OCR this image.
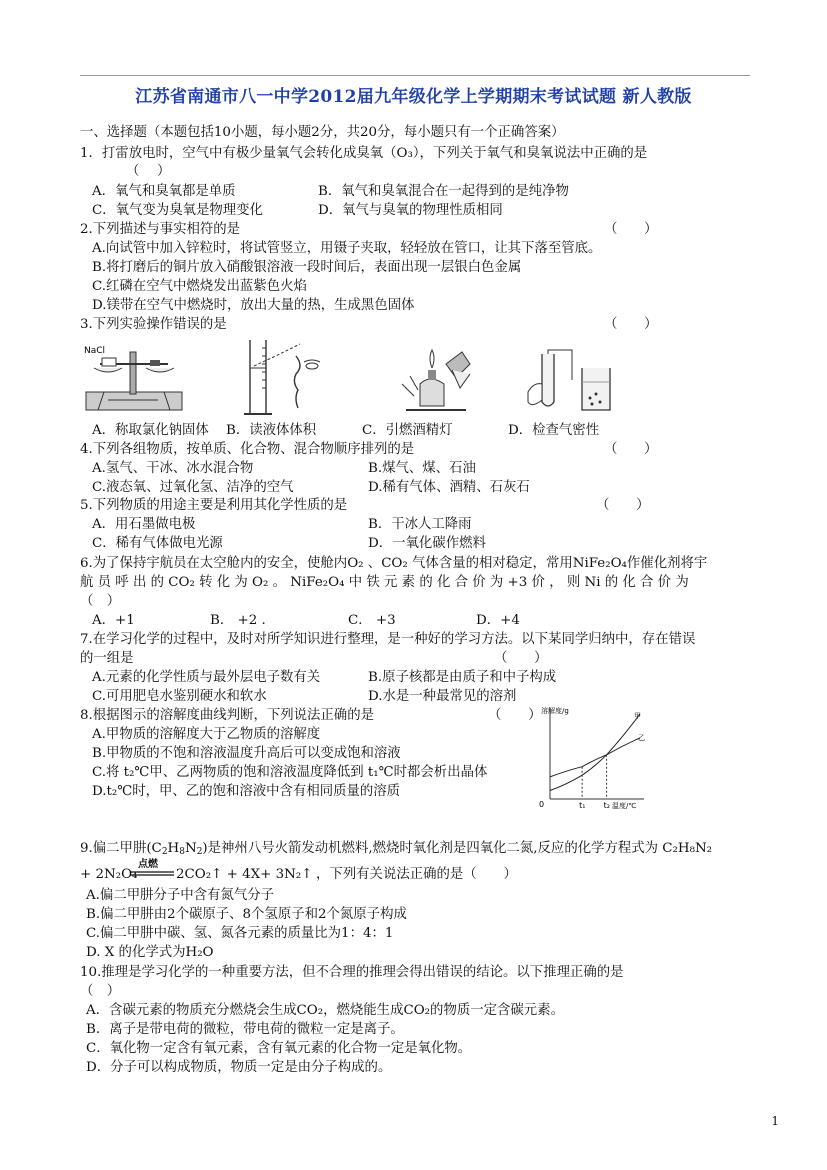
江苏省南通市八一中学2012届九年级化学上学期期末考试试题 新人教版
一、选择题（本题包括10小题，每小题2分，共20分，每小题只有一个正确答案）
1．打雷放电时，空气中有极少量氧气会转化成臭氧（O₃），下列关于氧气和臭氧说法中正确的是
（ 　）
A．氧气和臭氧都是单质	B．氧气和臭氧混合在一起得到的是纯净物
C．氧气变为臭氧是物理变化	D．氧气与臭氧的物理性质相同
2.下列描述与事实相符的是	（　　）
A.向试管中加入锌粒时，将试管竖立，用镊子夹取，轻轻放在管口，让其下落至管底。
B.将打磨后的铜片放入硝酸银溶液一段时间后，表面出现一层银白色金属
C.红磷在空气中燃烧发出蓝紫色火焰
D.镁带在空气中燃烧时，放出大量的热，生成黑色固体
3.下列实验操作错误的是	（　　）
NaCl
A．称取氯化钠固体 B．读液体体积	C．引燃酒精灯	D．检查气密性
4.下列各组物质，按单质、化合物、混合物顺序排列的是	（　　）
A.氢气、干冰、冰水混合物	B.煤气、煤、石油
C.液态氧、过氧化氢、洁净的空气	D.稀有气体、酒精、石灰石
5.下列物质的用途主要是利用其化学性质的是	（　　）
A．用石墨做电极	B．干冰人工降雨
C．稀有气体做电光源	D．一氧化碳作燃料
6.为了保持宇航员在太空舱内的安全，使舱内O₂ 、CO₂ 气体含量的相对稳定，常用NiFe₂O₄作催化剂将宇
航 员 呼 出 的 CO₂ 转 化 为 O₂ 。 NiFe₂O₄ 中 铁 元 素 的 化 合 价 为 +3 价 ， 则 Ni 的 化 合 价 为
（　）
A．+1	B． +2 .	C． +3	D．+4
7.在学习化学的过程中，及时对所学知识进行整理，是一种好的学习方法。以下某同学归纳中，存在错误
的一组是	（　　）
A.元素的化学性质与最外层电子数有关	B.原子核都是由质子和中子构成
C.可用肥皂水鉴别硬水和软水	D.水是一种最常见的溶剂
8.根据图示的溶解度曲线判断，下列说法正确的是	（　　）
A.甲物质的溶解度大于乙物质的溶解度
B.甲物质的不饱和溶液温度升高后可以变成饱和溶液
C.将 t₂℃甲、乙两物质的饱和溶液温度降低到 t₁℃时都会析出晶体
D.t₂℃时，甲、乙的饱和溶液中含有相同质量的溶质
溶解度/g
0
甲
乙
t₁ t₂ 温度/℃
9.偏二甲肼$(C_2H_8N_2)$是神州八号火箭发动机燃料,燃烧时氧化剂是四氧化二氮,反应的化学方程式为 C₂H₈N₂
+ 2N₂O₄
点燃
2CO₂↑ + 4X+ 3N₂↑ ，下列有关说法正确的是（　　）
A.偏二甲肼分子中含有氮气分子
B.偏二甲肼由2个碳原子、8个氢原子和2个氮原子构成
C.偏二甲肼中碳、氢、氮各元素的质量比为1：4：1
D. X 的化学式为H₂O
10.推理是学习化学的一种重要方法，但不合理的推理会得出错误的结论。以下推理正确的是
（　）
A．含碳元素的物质充分燃烧会生成CO₂，燃烧能生成CO₂的物质一定含碳元素。
B．离子是带电荷的微粒，带电荷的微粒一定是离子。
C．氧化物一定含有氧元素，含有氧元素的化合物一定是氧化物。
D．分子可以构成物质，物质一定是由分子构成的。
1
